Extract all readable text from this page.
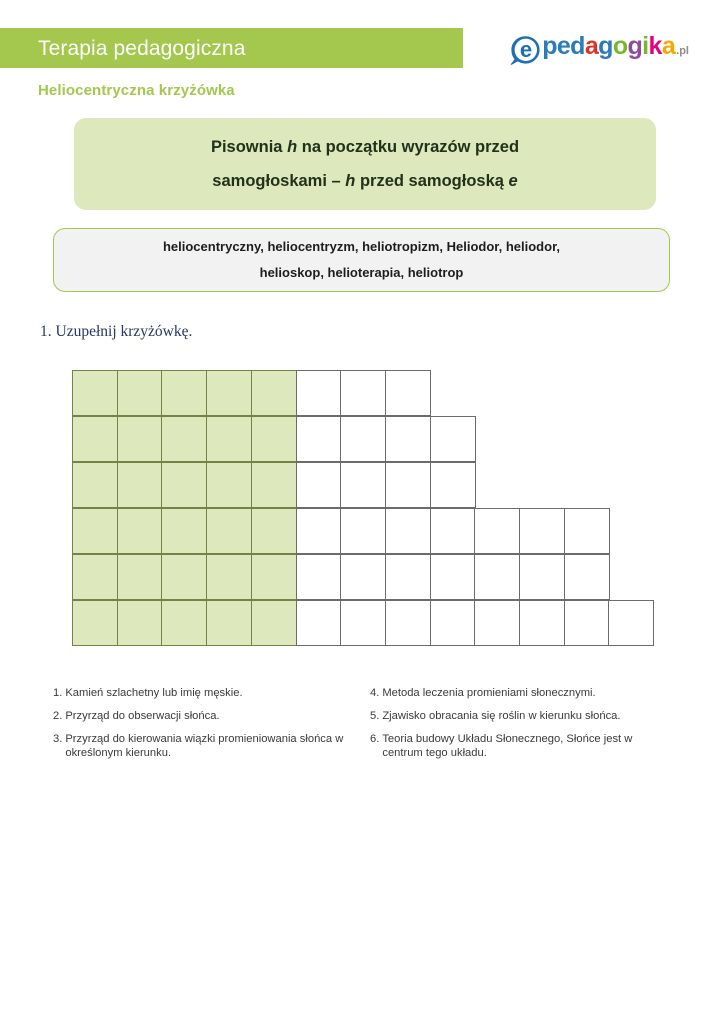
Terapia pedagogiczna	e p e d a g o g i k a .pl
Heliocentryczna krzyżówka
Pisownia h na początku wyrazów przed
samogłoskami – h przed samogłoską e
heliocentryczny, heliocentryzm, heliotropizm, Heliodor, heliodor,
helioskop, helioterapia, heliotrop
1. Uzupełnij krzyżówkę.
1. Kamień szlachetny lub imię męskie.
2. Przyrząd do obserwacji słońca.
3. Przyrząd do kierowania wiązki promieniowania słońca w określonym kierunku.
4. Metoda leczenia promieniami słonecznymi.
5. Zjawisko obracania się roślin w kierunku słońca.
6. Teoria budowy Układu Słonecznego, Słońce jest w centrum tego układu.
